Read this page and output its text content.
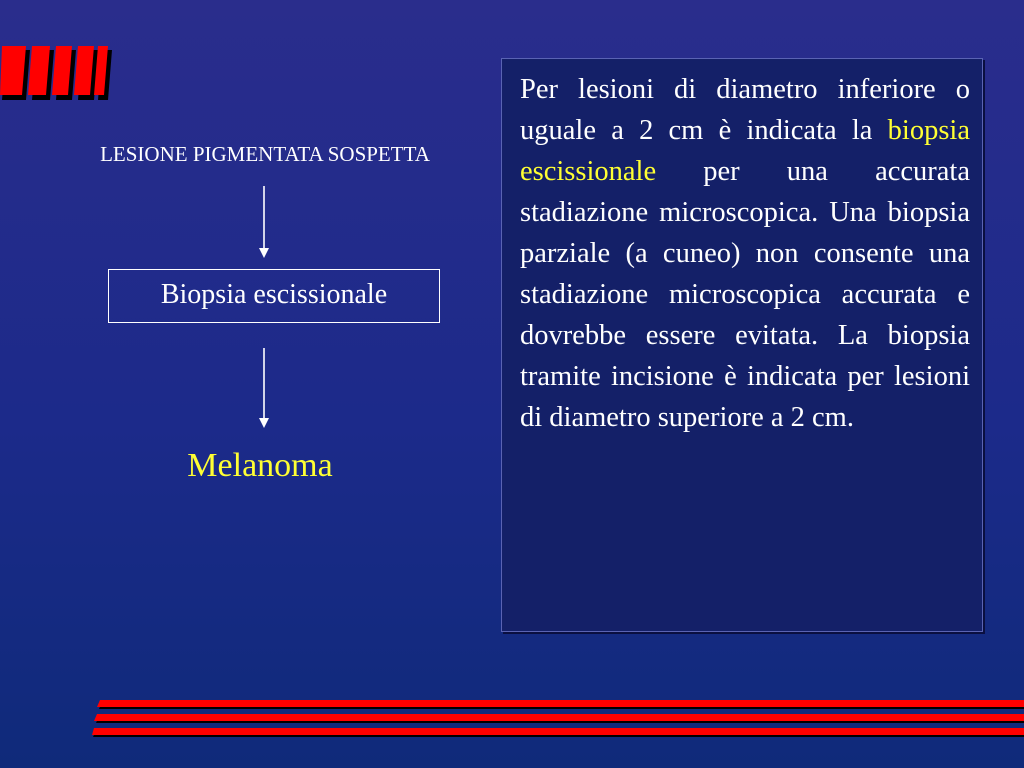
LESIONE PIGMENTATA SOSPETTA
Biopsia escissionale
Melanoma

Per lesioni di diametro inferiore o uguale a 2 cm è indicata la biopsia escissionale per una accurata stadiazione microscopica. Una biopsia parziale (a cuneo) non consente una stadiazione microscopica accurata e dovrebbe essere evitata. La biopsia tramite incisione è indicata per lesioni di diametro superiore a 2 cm.
